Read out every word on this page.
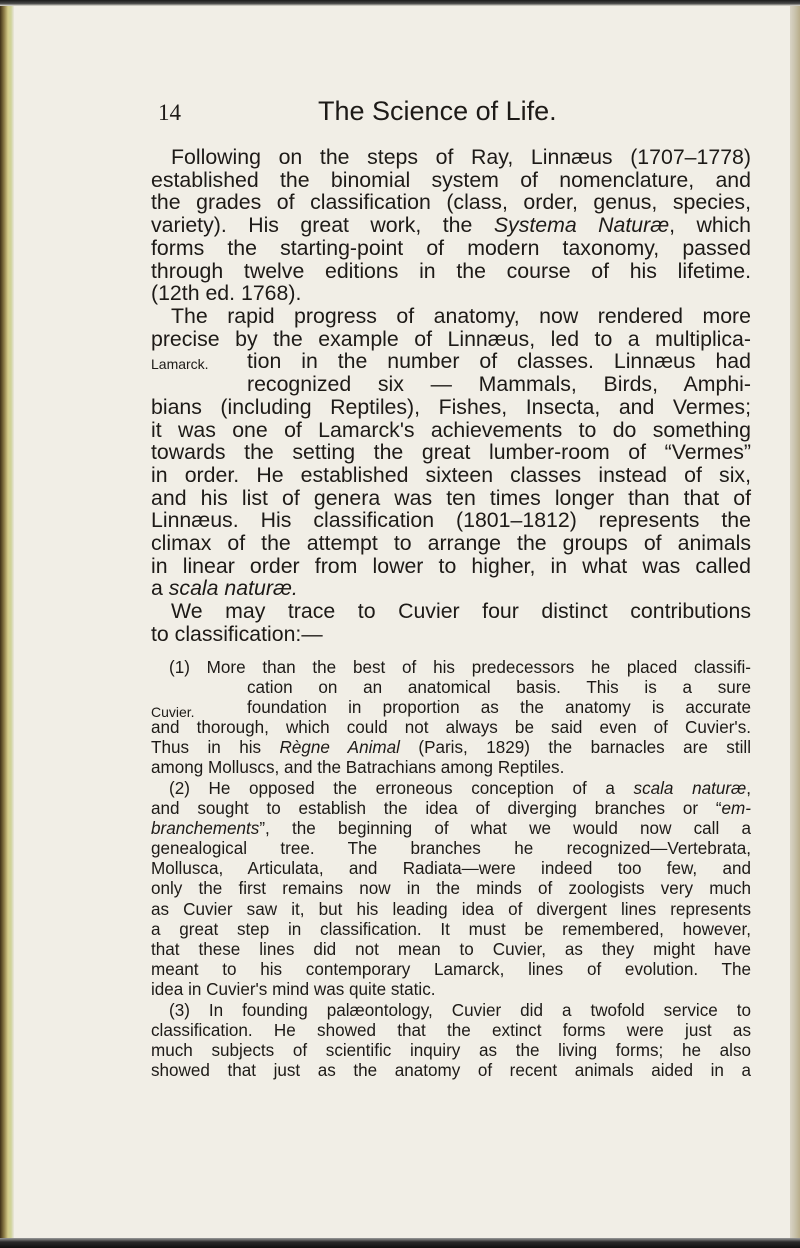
14	The Science of Life.
Following on the steps of Ray, Linnæus (1707–1778)
established the binomial system of nomenclature, and
the grades of classification (class, order, genus, species,
variety). His great work, the Systema Naturæ, which
forms the starting-point of modern taxonomy, passed
through twelve editions in the course of his lifetime.
(12th ed. 1768).
The rapid progress of anatomy, now rendered more
precise by the example of Linnæus, led to a multiplica-
tion in the number of classes. Linnæus had
recognized six — Mammals, Birds, Amphi-
bians (including Reptiles), Fishes, Insecta, and Vermes;
it was one of Lamarck's achievements to do something
towards the setting the great lumber-room of “Vermes”
in order. He established sixteen classes instead of six,
and his list of genera was ten times longer than that of
Linnæus. His classification (1801–1812) represents the
climax of the attempt to arrange the groups of animals
in linear order from lower to higher, in what was called
a scala naturæ.
Lamarck.
We may trace to Cuvier four distinct contributions
to classification:—
(1) More than the best of his predecessors he placed classifi-
cation on an anatomical basis. This is a sure
foundation in proportion as the anatomy is accurate
and thorough, which could not always be said even of Cuvier's.
Thus in his Règne Animal (Paris, 1829) the barnacles are still
among Molluscs, and the Batrachians among Reptiles.
Cuvier.
(2) He opposed the erroneous conception of a scala naturæ,
and sought to establish the idea of diverging branches or “em-
branchements”, the beginning of what we would now call a
genealogical tree. The branches he recognized—Vertebrata,
Mollusca, Articulata, and Radiata—were indeed too few, and
only the first remains now in the minds of zoologists very much
as Cuvier saw it, but his leading idea of divergent lines represents
a great step in classification. It must be remembered, however,
that these lines did not mean to Cuvier, as they might have
meant to his contemporary Lamarck, lines of evolution. The
idea in Cuvier's mind was quite static.
(3) In founding palæontology, Cuvier did a twofold service to
classification. He showed that the extinct forms were just as
much subjects of scientific inquiry as the living forms; he also
showed that just as the anatomy of recent animals aided in a
